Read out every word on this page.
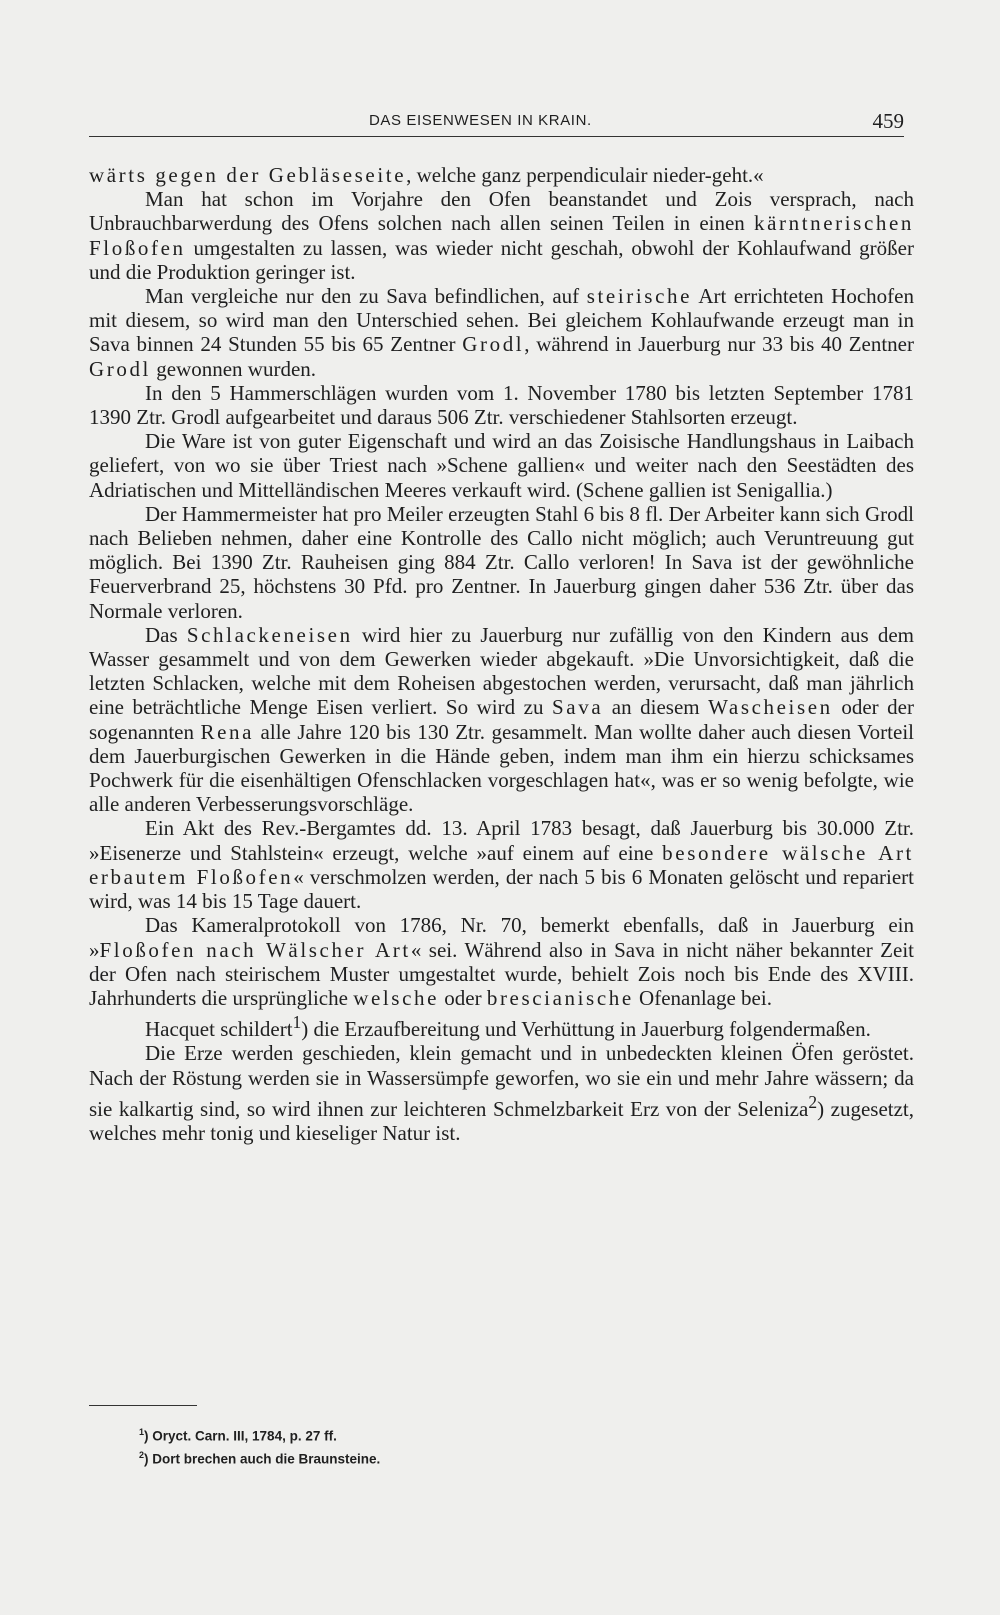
DAS EISENWESEN IN KRAIN.	459

wärts gegen der Gebläseseite, welche ganz perpendiculair nieder-geht.«

Man hat schon im Vorjahre den Ofen beanstandet und Zois versprach, nach Unbrauchbarwerdung des Ofens solchen nach allen seinen Teilen in einen kärntnerischen Floßofen umgestalten zu lassen, was wieder nicht geschah, obwohl der Kohlaufwand größer und die Produktion geringer ist.

Man vergleiche nur den zu Sava befindlichen, auf steirische Art errichteten Hochofen mit diesem, so wird man den Unterschied sehen. Bei gleichem Kohlaufwande erzeugt man in Sava binnen 24 Stunden 55 bis 65 Zentner Grodl, während in Jauerburg nur 33 bis 40 Zentner Grodl gewonnen wurden.

In den 5 Hammerschlägen wurden vom 1. November 1780 bis letzten September 1781 1390 Ztr. Grodl aufgearbeitet und daraus 506 Ztr. verschiedener Stahlsorten erzeugt.

Die Ware ist von guter Eigenschaft und wird an das Zoisische Handlungshaus in Laibach geliefert, von wo sie über Triest nach »Schene gallien« und weiter nach den Seestädten des Adriatischen und Mittelländischen Meeres verkauft wird. (Schene gallien ist Senigallia.)

Der Hammermeister hat pro Meiler erzeugten Stahl 6 bis 8 fl. Der Arbeiter kann sich Grodl nach Belieben nehmen, daher eine Kontrolle des Callo nicht möglich; auch Veruntreuung gut möglich. Bei 1390 Ztr. Rauheisen ging 884 Ztr. Callo verloren! In Sava ist der gewöhnliche Feuerverbrand 25, höchstens 30 Pfd. pro Zentner. In Jauerburg gingen daher 536 Ztr. über das Normale verloren.

Das Schlackeneisen wird hier zu Jauerburg nur zufällig von den Kindern aus dem Wasser gesammelt und von dem Gewerken wieder abgekauft. »Die Unvorsichtigkeit, daß die letzten Schlacken, welche mit dem Roheisen abgestochen werden, verursacht, daß man jährlich eine beträchtliche Menge Eisen verliert. So wird zu Sava an diesem Wascheisen oder der sogenannten Rena alle Jahre 120 bis 130 Ztr. gesammelt. Man wollte daher auch diesen Vorteil dem Jauerburgischen Gewerken in die Hände geben, indem man ihm ein hierzu schicksames Pochwerk für die eisenhältigen Ofenschlacken vorgeschlagen hat«, was er so wenig befolgte, wie alle anderen Verbesserungsvorschläge.

Ein Akt des Rev.-Bergamtes dd. 13. April 1783 besagt, daß Jauerburg bis 30.000 Ztr. »Eisenerze und Stahlstein« erzeugt, welche »auf einem auf eine besondere wälsche Art erbautem Floßofen« verschmolzen werden, der nach 5 bis 6 Monaten gelöscht und repariert wird, was 14 bis 15 Tage dauert.

Das Kameralprotokoll von 1786, Nr. 70, bemerkt ebenfalls, daß in Jauerburg ein »Floßofen nach Wälscher Art« sei. Während also in Sava in nicht näher bekannter Zeit der Ofen nach steirischem Muster umgestaltet wurde, behielt Zois noch bis Ende des XVIII. Jahrhunderts die ursprüngliche welsche oder brescianische Ofenanlage bei.

Hacquet schildert$^1$) die Erzaufbereitung und Verhüttung in Jauerburg folgendermaßen.

Die Erze werden geschieden, klein gemacht und in unbedeckten kleinen Öfen geröstet. Nach der Röstung werden sie in Wassersümpfe geworfen, wo sie ein und mehr Jahre wässern; da sie kalkartig sind, so wird ihnen zur leichteren Schmelzbarkeit Erz von der Seleniza$^2$) zugesetzt, welches mehr tonig und kieseliger Natur ist.

$^1$) Oryct. Carn. III, 1784, p. 27 ff.
$^2$) Dort brechen auch die Braunsteine.
